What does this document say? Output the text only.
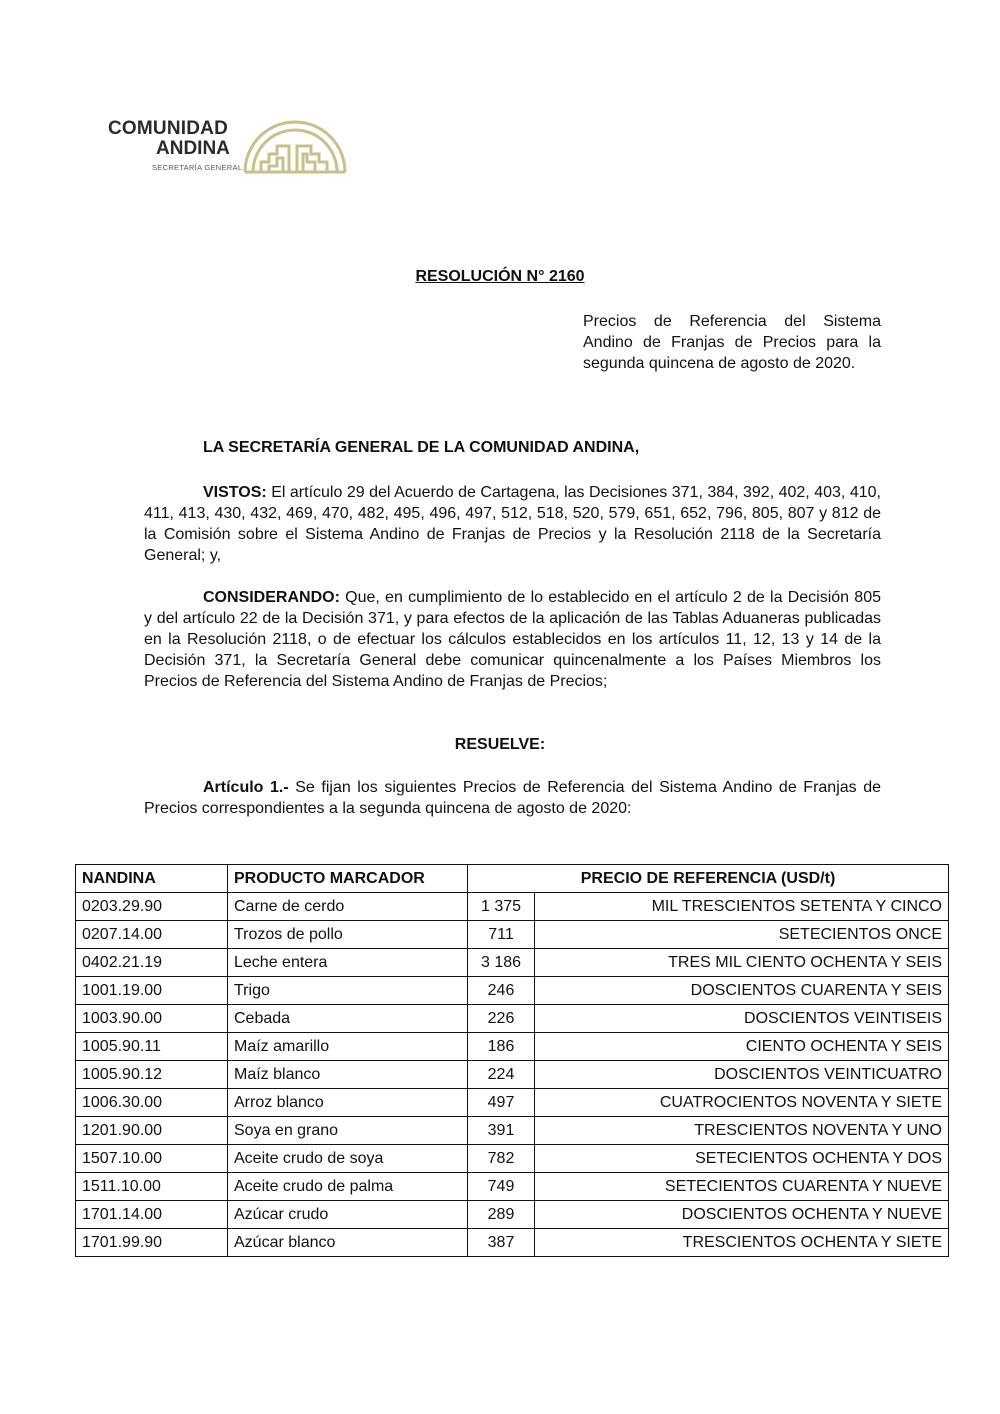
COMUNIDAD
ANDINA
SECRETARÍA GENERAL
RESOLUCIÓN N° 2160
Precios de Referencia del Sistema Andino de Franjas de Precios para la segunda quincena de agosto de 2020.
LA SECRETARÍA GENERAL DE LA COMUNIDAD ANDINA,
VISTOS: El artículo 29 del Acuerdo de Cartagena, las Decisiones 371, 384, 392, 402, 403, 410, 411, 413, 430, 432, 469, 470, 482, 495, 496, 497, 512, 518, 520, 579, 651, 652, 796, 805, 807 y 812 de la Comisión sobre el Sistema Andino de Franjas de Precios y la Resolución 2118 de la Secretaría General; y,
CONSIDERANDO: Que, en cumplimiento de lo establecido en el artículo 2 de la Decisión 805 y del artículo 22 de la Decisión 371, y para efectos de la aplicación de las Tablas Aduaneras publicadas en la Resolución 2118, o de efectuar los cálculos establecidos en los artículos 11, 12, 13 y 14 de la Decisión 371, la Secretaría General debe comunicar quincenalmente a los Países Miembros los Precios de Referencia del Sistema Andino de Franjas de Precios;
RESUELVE:
Artículo 1.- Se fijan los siguientes Precios de Referencia del Sistema Andino de Franjas de Precios correspondientes a la segunda quincena de agosto de 2020:
NANDINA	PRODUCTO MARCADOR	PRECIO DE REFERENCIA (USD/t)	
0203.29.90	Carne de cerdo	1 375	MIL TRESCIENTOS SETENTA Y CINCO
0207.14.00	Trozos de pollo	711	SETECIENTOS ONCE
0402.21.19	Leche entera	3 186	TRES MIL CIENTO OCHENTA Y SEIS
1001.19.00	Trigo	246	DOSCIENTOS CUARENTA Y SEIS
1003.90.00	Cebada	226	DOSCIENTOS VEINTISEIS
1005.90.11	Maíz amarillo	186	CIENTO OCHENTA Y SEIS
1005.90.12	Maíz blanco	224	DOSCIENTOS VEINTICUATRO
1006.30.00	Arroz blanco	497	CUATROCIENTOS NOVENTA Y SIETE
1201.90.00	Soya en grano	391	TRESCIENTOS NOVENTA Y UNO
1507.10.00	Aceite crudo de soya	782	SETECIENTOS OCHENTA Y DOS
1511.10.00	Aceite crudo de palma	749	SETECIENTOS CUARENTA Y NUEVE
1701.14.00	Azúcar crudo	289	DOSCIENTOS OCHENTA Y NUEVE
1701.99.90	Azúcar blanco	387	TRESCIENTOS OCHENTA Y SIETE
